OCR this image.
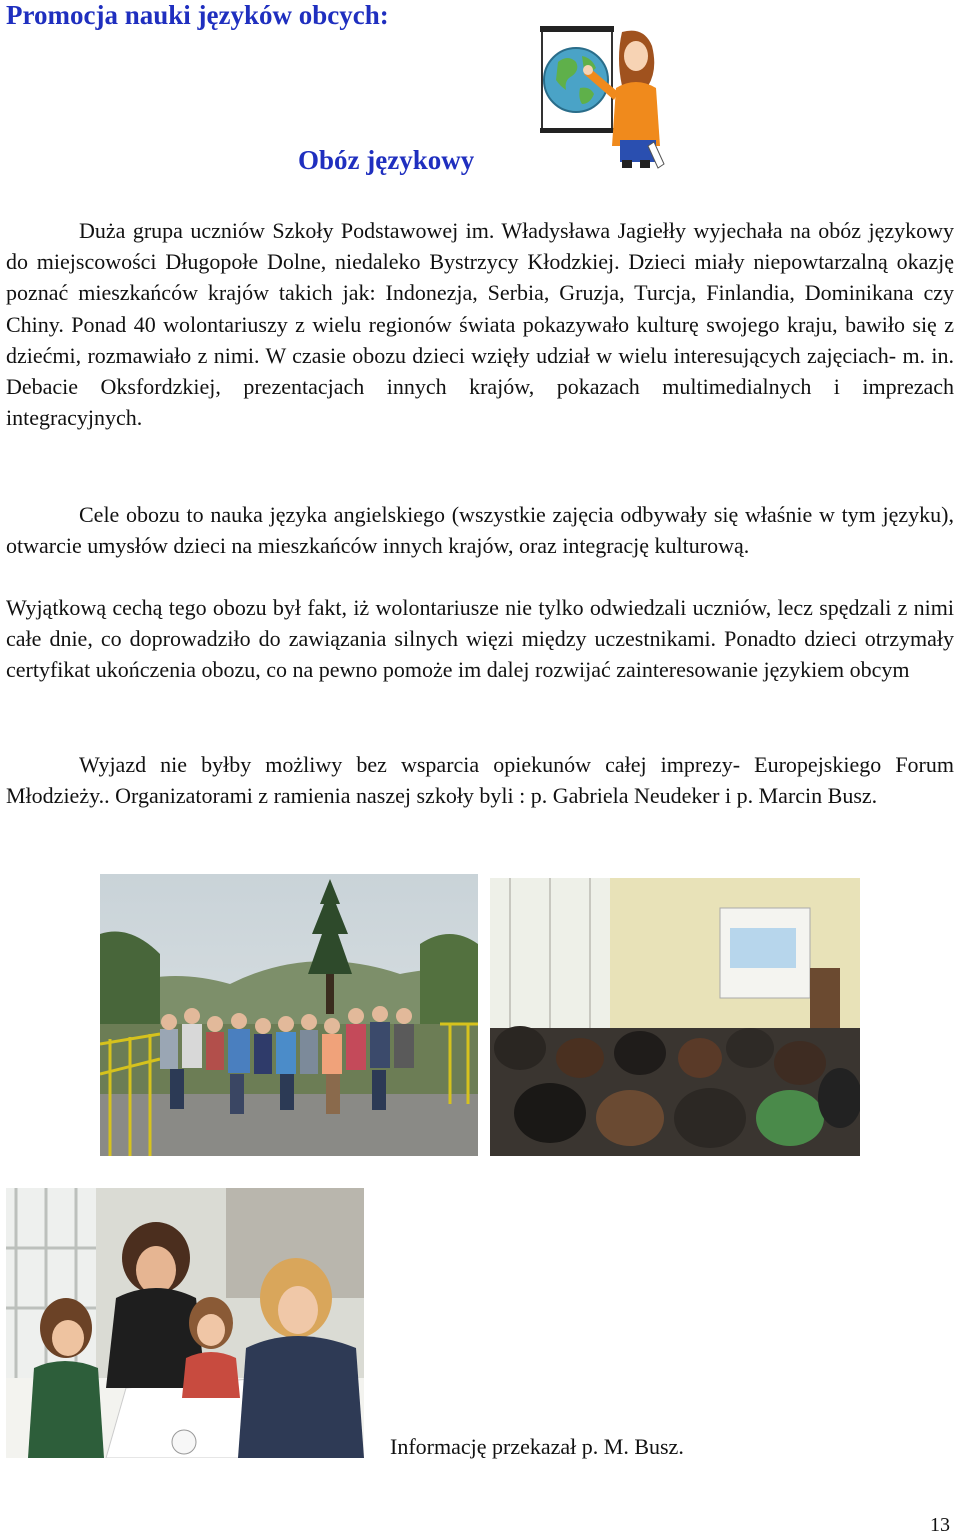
Promocja nauki języków obcych:
Obóz językowy

Duża grupa uczniów Szkoły Podstawowej im. Władysława Jagiełły wyjechała na obóz językowy do miejscowości Długopołe Dolne, niedaleko Bystrzycy Kłodzkiej. Dzieci miały niepowtarzalną okazję poznać mieszkańców krajów takich jak: Indonezja, Serbia, Gruzja, Turcja, Finlandia, Dominikana czy Chiny. Ponad 40 wolontariuszy z wielu regionów świata pokazywało kulturę swojego kraju, bawiło się z dziećmi, rozmawiało z nimi. W czasie obozu dzieci wzięły udział w wielu interesujących zajęciach- m. in. Debacie Oksfordzkiej, prezentacjach innych krajów, pokazach multimedialnych i imprezach integracyjnych.

Cele obozu to nauka języka angielskiego (wszystkie zajęcia odbywały się właśnie w tym języku), otwarcie umysłów dzieci na mieszkańców innych krajów, oraz integrację kulturową.

Wyjątkową cechą tego obozu był fakt, iż wolontariusze nie tylko odwiedzali uczniów, lecz spędzali z nimi całe dnie, co doprowadziło do zawiązania silnych więzi między uczestnikami. Ponadto dzieci otrzymały certyfikat ukończenia obozu, co na pewno pomoże im dalej rozwijać zainteresowanie językiem obcym

Wyjazd nie byłby możliwy bez wsparcia opiekunów całej imprezy- Europejskiego Forum Młodzieży.. Organizatorami z ramienia naszej szkoły byli : p. Gabriela Neudeker i p. Marcin Busz.

Informację przekazał p. M. Busz.

13
